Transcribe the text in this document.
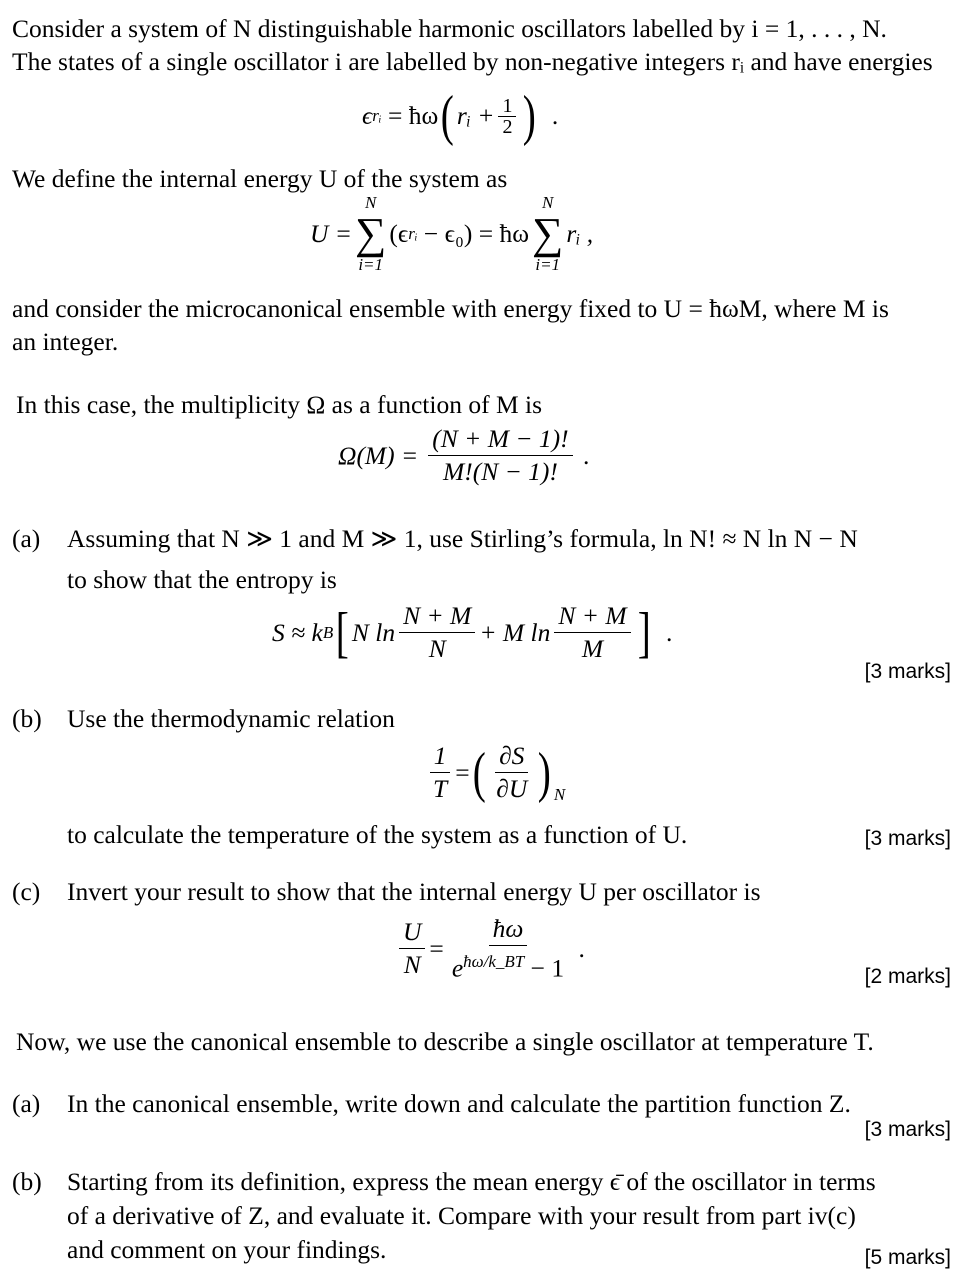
Consider a system of N distinguishable harmonic oscillators labelled by i = 1, . . . , N.
The states of a single oscillator i are labelled by non-negative integers rᵢ and have energies
ϵ rᵢ
= ħω ( rᵢ + $\frac{1}{2}$ )
.
We define the internal energy U of the system as
U =
N
∑
i=1
(ϵ rᵢ
− ϵ₀) = ħω
N
∑
i=1
rᵢ ,
and consider the microcanonical ensemble with energy fixed to U = ħωM, where M is
an integer.
In this case, the multiplicity Ω as a function of M is
$\Omega(M) = \frac{(N + M - 1)!}{M!(N - 1)!}$
.
(a) Assuming that N ≫ 1 and M ≫ 1, use Stirling’s formula, ln N! ≈ N ln N − N
to show that the entropy is
S ≈ k B [ N $\ln \frac{N + M}{N} + M$ $\ln \frac{N + M}{M}$ ]
.
[3 marks]
(b) Use the thermodynamic relation
$\frac{1}{T}$ = ( $\frac{\partial S}{\partial U}$ ) N
to calculate the temperature of the system as a function of U.	[3 marks]
(c) Invert your result to show that the internal energy U per oscillator is
$\frac{U}{N} = \frac{ħ\omega}{e^{ħ\omega/k\_BT} - 1}$
.
[2 marks]
Now, we use the canonical ensemble to describe a single oscillator at temperature T.
(a) In the canonical ensemble, write down and calculate the partition function Z.
[3 marks]
(b) Starting from its definition, express the mean energy ϵ̄ of the oscillator in terms
of a derivative of Z, and evaluate it. Compare with your result from part iv(c)
and comment on your findings.	[5 marks]
